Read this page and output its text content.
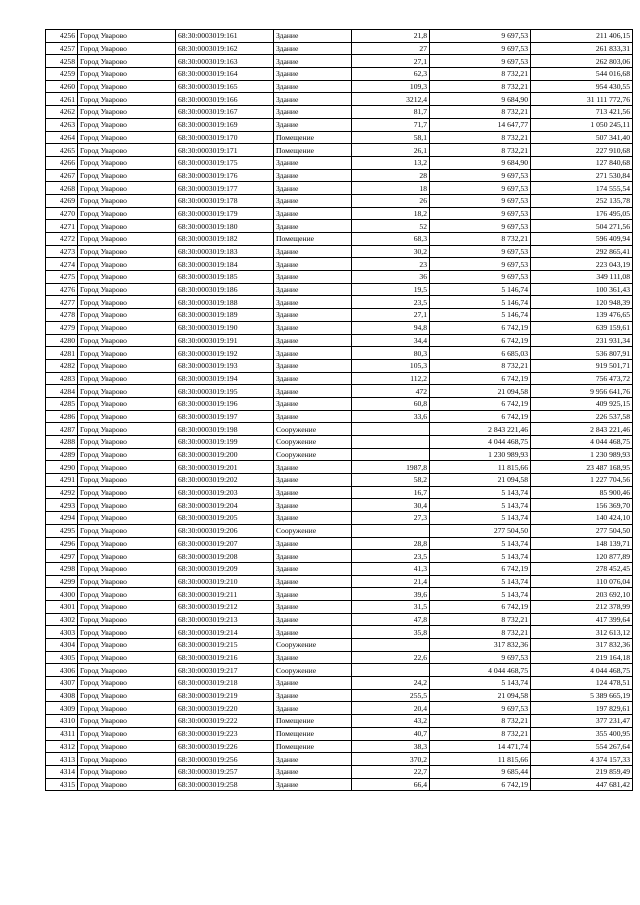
4256	Город Уварово	68:30:0003019:161	Здание	21,8	9 697,53	211 406,15
4257	Город Уварово	68:30:0003019:162	Здание	27	9 697,53	261 833,31
4258	Город Уварово	68:30:0003019:163	Здание	27,1	9 697,53	262 803,06
4259	Город Уварово	68:30:0003019:164	Здание	62,3	8 732,21	544 016,68
4260	Город Уварово	68:30:0003019:165	Здание	109,3	8 732,21	954 430,55
4261	Город Уварово	68:30:0003019:166	Здание	3212,4	9 684,90	31 111 772,76
4262	Город Уварово	68:30:0003019:167	Здание	81,7	8 732,21	713 421,56
4263	Город Уварово	68:30:0003019:169	Здание	71,7	14 647,77	1 050 245,11
4264	Город Уварово	68:30:0003019:170	Помещение	58,1	8 732,21	507 341,40
4265	Город Уварово	68:30:0003019:171	Помещение	26,1	8 732,21	227 910,68
4266	Город Уварово	68:30:0003019:175	Здание	13,2	9 684,90	127 840,68
4267	Город Уварово	68:30:0003019:176	Здание	28	9 697,53	271 530,84
4268	Город Уварово	68:30:0003019:177	Здание	18	9 697,53	174 555,54
4269	Город Уварово	68:30:0003019:178	Здание	26	9 697,53	252 135,78
4270	Город Уварово	68:30:0003019:179	Здание	18,2	9 697,53	176 495,05
4271	Город Уварово	68:30:0003019:180	Здание	52	9 697,53	504 271,56
4272	Город Уварово	68:30:0003019:182	Помещение	68,3	8 732,21	596 409,94
4273	Город Уварово	68:30:0003019:183	Здание	30,2	9 697,53	292 865,41
4274	Город Уварово	68:30:0003019:184	Здание	23	9 697,53	223 043,19
4275	Город Уварово	68:30:0003019:185	Здание	36	9 697,53	349 111,08
4276	Город Уварово	68:30:0003019:186	Здание	19,5	5 146,74	100 361,43
4277	Город Уварово	68:30:0003019:188	Здание	23,5	5 146,74	120 948,39
4278	Город Уварово	68:30:0003019:189	Здание	27,1	5 146,74	139 476,65
4279	Город Уварово	68:30:0003019:190	Здание	94,8	6 742,19	639 159,61
4280	Город Уварово	68:30:0003019:191	Здание	34,4	6 742,19	231 931,34
4281	Город Уварово	68:30:0003019:192	Здание	80,3	6 685,03	536 807,91
4282	Город Уварово	68:30:0003019:193	Здание	105,3	8 732,21	919 501,71
4283	Город Уварово	68:30:0003019:194	Здание	112,2	6 742,19	756 473,72
4284	Город Уварово	68:30:0003019:195	Здание	472	21 094,58	9 956 641,76
4285	Город Уварово	68:30:0003019:196	Здание	60,8	6 742,19	409 925,15
4286	Город Уварово	68:30:0003019:197	Здание	33,6	6 742,19	226 537,58
4287	Город Уварово	68:30:0003019:198	Сооружение		2 843 221,46	2 843 221,46
4288	Город Уварово	68:30:0003019:199	Сооружение		4 044 468,75	4 044 468,75
4289	Город Уварово	68:30:0003019:200	Сооружение		1 230 989,93	1 230 989,93
4290	Город Уварово	68:30:0003019:201	Здание	1987,8	11 815,66	23 487 168,95
4291	Город Уварово	68:30:0003019:202	Здание	58,2	21 094,58	1 227 704,56
4292	Город Уварово	68:30:0003019:203	Здание	16,7	5 143,74	85 900,46
4293	Город Уварово	68:30:0003019:204	Здание	30,4	5 143,74	156 369,70
4294	Город Уварово	68:30:0003019:205	Здание	27,3	5 143,74	140 424,10
4295	Город Уварово	68:30:0003019:206	Сооружение		277 504,50	277 504,50
4296	Город Уварово	68:30:0003019:207	Здание	28,8	5 143,74	148 139,71
4297	Город Уварово	68:30:0003019:208	Здание	23,5	5 143,74	120 877,89
4298	Город Уварово	68:30:0003019:209	Здание	41,3	6 742,19	278 452,45
4299	Город Уварово	68:30:0003019:210	Здание	21,4	5 143,74	110 076,04
4300	Город Уварово	68:30:0003019:211	Здание	39,6	5 143,74	203 692,10
4301	Город Уварово	68:30:0003019:212	Здание	31,5	6 742,19	212 378,99
4302	Город Уварово	68:30:0003019:213	Здание	47,8	8 732,21	417 399,64
4303	Город Уварово	68:30:0003019:214	Здание	35,8	8 732,21	312 613,12
4304	Город Уварово	68:30:0003019:215	Сооружение		317 832,36	317 832,36
4305	Город Уварово	68:30:0003019:216	Здание	22,6	9 697,53	219 164,18
4306	Город Уварово	68:30:0003019:217	Сооружение		4 044 468,75	4 044 468,75
4307	Город Уварово	68:30:0003019:218	Здание	24,2	5 143,74	124 478,51
4308	Город Уварово	68:30:0003019:219	Здание	255,5	21 094,58	5 389 665,19
4309	Город Уварово	68:30:0003019:220	Здание	20,4	9 697,53	197 829,61
4310	Город Уварово	68:30:0003019:222	Помещение	43,2	8 732,21	377 231,47
4311	Город Уварово	68:30:0003019:223	Помещение	40,7	8 732,21	355 400,95
4312	Город Уварово	68:30:0003019:226	Помещение	38,3	14 471,74	554 267,64
4313	Город Уварово	68:30:0003019:256	Здание	370,2	11 815,66	4 374 157,33
4314	Город Уварово	68:30:0003019:257	Здание	22,7	9 685,44	219 859,49
4315	Город Уварово	68:30:0003019:258	Здание	66,4	6 742,19	447 681,42
